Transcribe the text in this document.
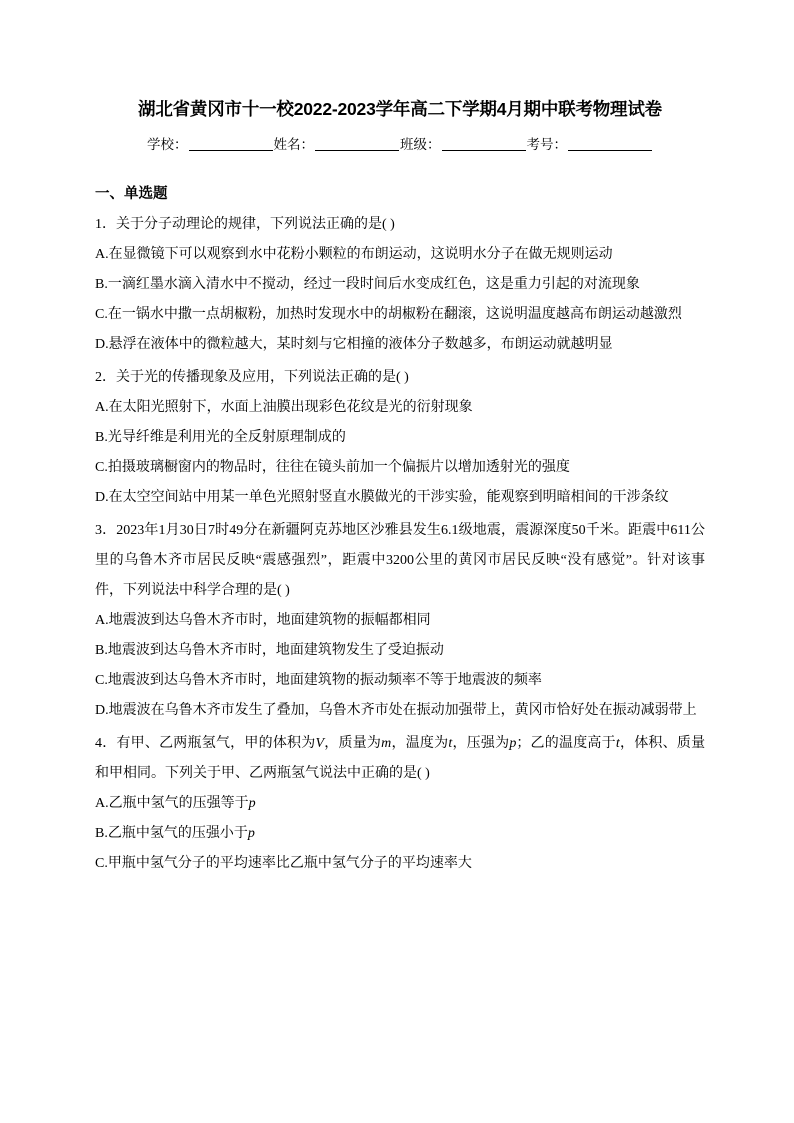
湖北省黄冈市十一校2022-2023学年高二下学期4月期中联考物理试卷
学校：	姓名：	班级：	考号：
一、单选题

1．关于分子动理论的规律，下列说法正确的是( )

A.在显微镜下可以观察到水中花粉小颗粒的布朗运动，这说明水分子在做无规则运动

B.一滴红墨水滴入清水中不搅动，经过一段时间后水变成红色，这是重力引起的对流现象

C.在一锅水中撒一点胡椒粉，加热时发现水中的胡椒粉在翻滚，这说明温度越高布朗运动越激烈

D.悬浮在液体中的微粒越大，某时刻与它相撞的液体分子数越多，布朗运动就越明显

2．关于光的传播现象及应用，下列说法正确的是( )

A.在太阳光照射下，水面上油膜出现彩色花纹是光的衍射现象

B.光导纤维是利用光的全反射原理制成的

C.拍摄玻璃橱窗内的物品时，往往在镜头前加一个偏振片以增加透射光的强度

D.在太空空间站中用某一单色光照射竖直水膜做光的干涉实验，能观察到明暗相间的干涉条纹

3．2023年1月30日7时49分在新疆阿克苏地区沙雅县发生6.1级地震，震源深度50千米。距震中611公里的乌鲁木齐市居民反映“震感强烈”，距震中3200公里的黄冈市居民反映“没有感觉”。针对该事件，下列说法中科学合理的是( )

A.地震波到达乌鲁木齐市时，地面建筑物的振幅都相同

B.地震波到达乌鲁木齐市时，地面建筑物发生了受迫振动

C.地震波到达乌鲁木齐市时，地面建筑物的振动频率不等于地震波的频率

D.地震波在乌鲁木齐市发生了叠加，乌鲁木齐市处在振动加强带上，黄冈市恰好处在振动减弱带上

4．有甲、乙两瓶氢气，甲的体积为V，质量为m，温度为t，压强为p；乙的温度高于t，体积、质量和甲相同。下列关于甲、乙两瓶氢气说法中正确的是( )

A.乙瓶中氢气的压强等于p

B.乙瓶中氢气的压强小于p

C.甲瓶中氢气分子的平均速率比乙瓶中氢气分子的平均速率大
